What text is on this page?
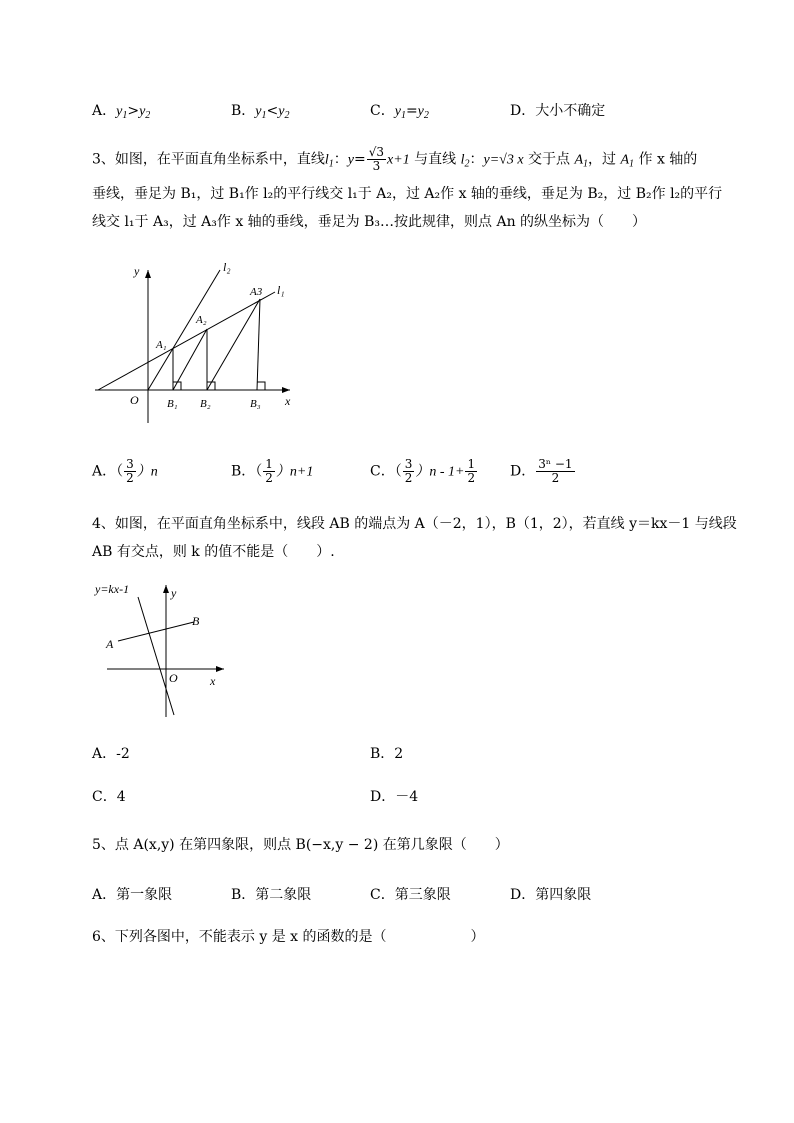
A．$y_1>y_2$	B．$y_1<y_2$	C．$y_1=y_2$	D．大小不确定
3、如图，在平面直角坐标系中，直线$l_1$：$y= \frac{√3}{3} x+1$ 与直线 $l_2$：y=√3 x 交于点 $A_1$，过 $A_1$ 作 x 轴的
垂线，垂足为 B₁，过 B₁作 l₂的平行线交 l₁于 A₂，过 A₂作 x 轴的垂线，垂足为 B₂，过 B₂作 l₂的平行
线交 l₁于 A₃，过 A₃作 x 轴的垂线，垂足为 B₃…按此规律，则点 An 的纵坐标为（　　）
y
x
O
l₂
l₁
A₁
A₂
A3
B₁ B₂	B₃
A．（ $\frac{3}{2} )n$	B．（ $\frac{1}{2} )n+1$	C．（ $\frac{3}{2} )n - 1+ \frac{1}{2}$ D． $\frac{\text{3ⁿ −1}}{2}$
4、如图，在平面直角坐标系中，线段 AB 的端点为 A（－2，1），B（1，2），若直线 y＝kx－1 与线段
AB 有交点，则 k 的值不能是（　　）.
y=kx-1	y
x
O
A
B
A．-2	B．2
C．4	D．－4
5、点 A(x,y) 在第四象限，则点 B(−x,y − 2) 在第几象限（　　）
A．第一象限	B．第二象限	C．第三象限	D．第四象限
6、下列各图中，不能表示 y 是 x 的函数的是（　　　　　　）
